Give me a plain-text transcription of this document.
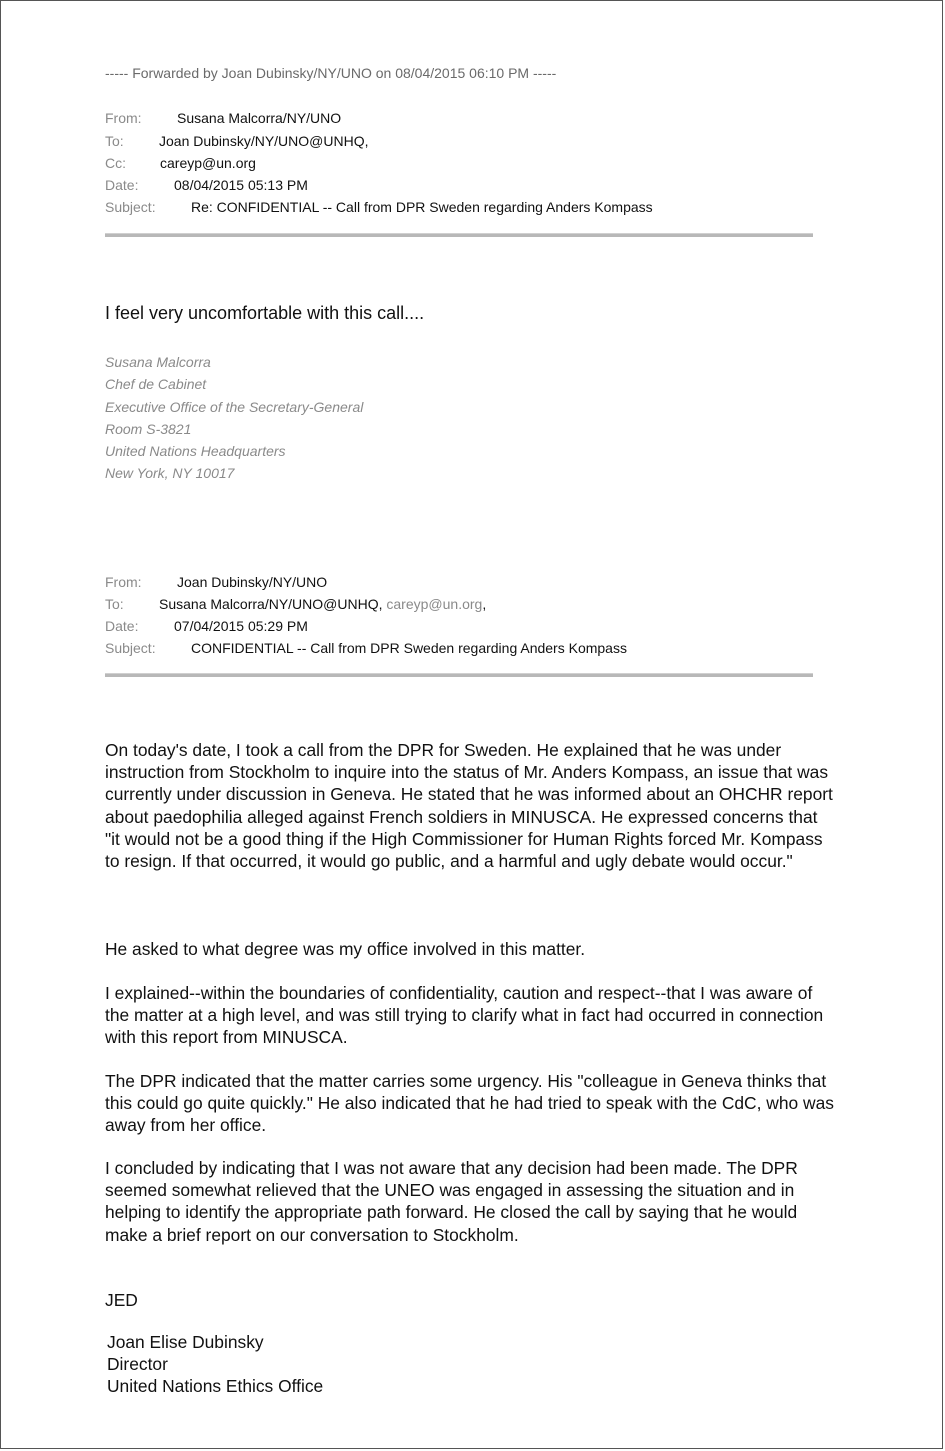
----- Forwarded by Joan Dubinsky/NY/UNO on 08/04/2015 06:10 PM -----
From:	Susana Malcorra/NY/UNO
To:	Joan Dubinsky/NY/UNO@UNHQ,
Cc: careyp@un.org
Date:	08/04/2015 05:13 PM
Subject:	Re: CONFIDENTIAL -- Call from DPR Sweden regarding Anders Kompass
I feel very uncomfortable with this call....
Susana Malcorra
Chef de Cabinet
Executive Office of the Secretary-General
Room S-3821
United Nations Headquarters
New York, NY 10017
From:	Joan Dubinsky/NY/UNO
To:	Susana Malcorra/NY/UNO@UNHQ, careyp@un.org,
Date:	07/04/2015 05:29 PM
Subject:	CONFIDENTIAL -- Call from DPR Sweden regarding Anders Kompass

On today's date, I took a call from the DPR for Sweden. He explained that he was under instruction from Stockholm to inquire into the status of Mr. Anders Kompass, an issue that was currently under discussion in Geneva. He stated that he was informed about an OHCHR report about paedophilia alleged against French soldiers in MINUSCA. He expressed concerns that "it would not be a good thing if the High Commissioner for Human Rights forced Mr. Kompass to resign. If that occurred, it would go public, and a harmful and ugly debate would occur."

He asked to what degree was my office involved in this matter.

I explained--within the boundaries of confidentiality, caution and respect--that I was aware of the matter at a high level, and was still trying to clarify what in fact had occurred in connection with this report from MINUSCA.

The DPR indicated that the matter carries some urgency. His "colleague in Geneva thinks that this could go quite quickly." He also indicated that he had tried to speak with the CdC, who was away from her office.

I concluded by indicating that I was not aware that any decision had been made. The DPR seemed somewhat relieved that the UNEO was engaged in assessing the situation and in helping to identify the appropriate path forward. He closed the call by saying that he would make a brief report on our conversation to Stockholm.

JED

Joan Elise Dubinsky
Director
United Nations Ethics Office
